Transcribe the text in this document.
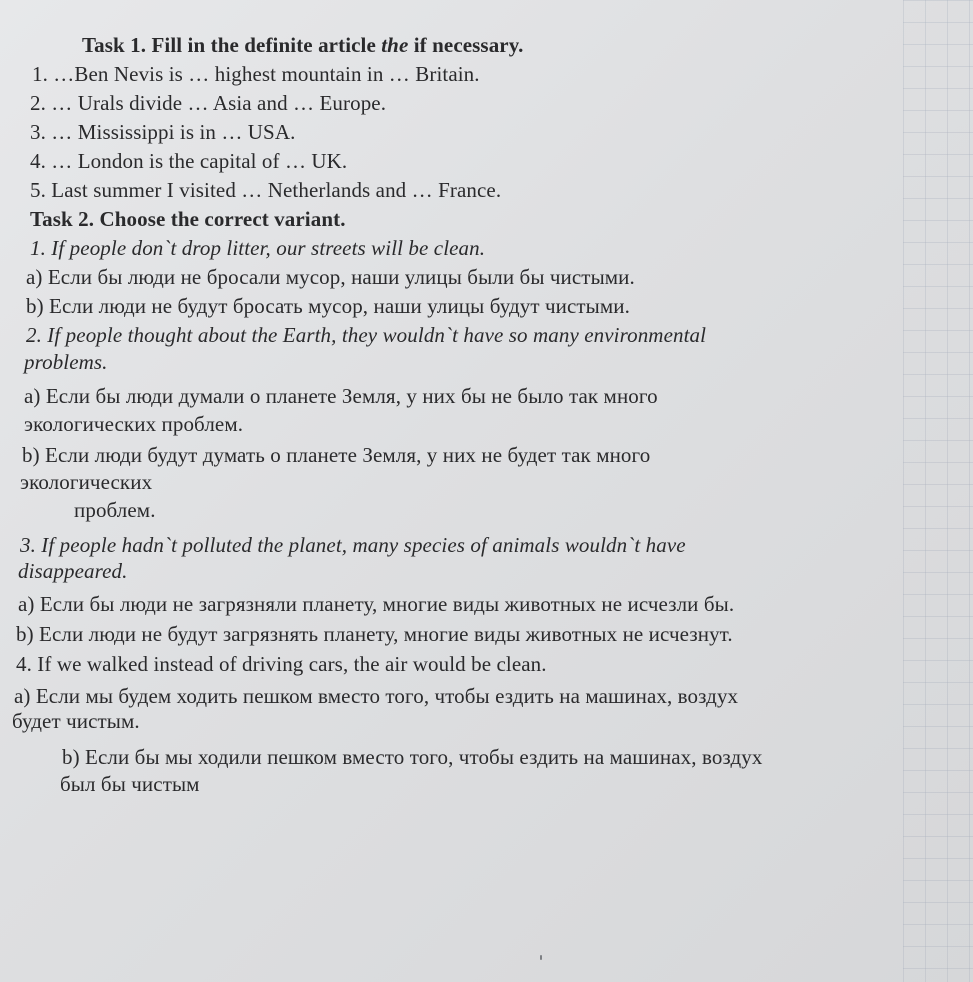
Task 1. Fill in the definite article the if necessary.
1. …Ben Nevis is … highest mountain in … Britain.
2. … Urals divide … Asia and … Europe.
3. … Mississippi is in … USA.
4. … London is the capital of … UK.
5. Last summer I visited … Netherlands and … France.
Task 2. Choose the correct variant.
1. If people don`t drop litter, our streets will be clean.
a) Если бы люди не бросали мусор, наши улицы были бы чистыми.
b) Если люди не будут бросать мусор, наши улицы будут чистыми.
2. If people thought about the Earth, they wouldn`t have so many environmental
problems.
a) Если бы люди думали о планете Земля, у них бы не было так много
экологических проблем.
b) Если люди будут думать о планете Земля, у них не будет так много
экологических
проблем.
3. If people hadn`t polluted the planet, many species of animals wouldn`t have
disappeared.
a) Если бы люди не загрязняли планету, многие виды животных не исчезли бы.
b) Если люди не будут загрязнять планету, многие виды животных не исчезнут.
4. If we walked instead of driving cars, the air would be clean.
a) Если мы будем ходить пешком вместо того, чтобы ездить на машинах, воздух
будет чистым.
b) Если бы мы ходили пешком вместо того, чтобы ездить на машинах, воздух
был бы чистым
